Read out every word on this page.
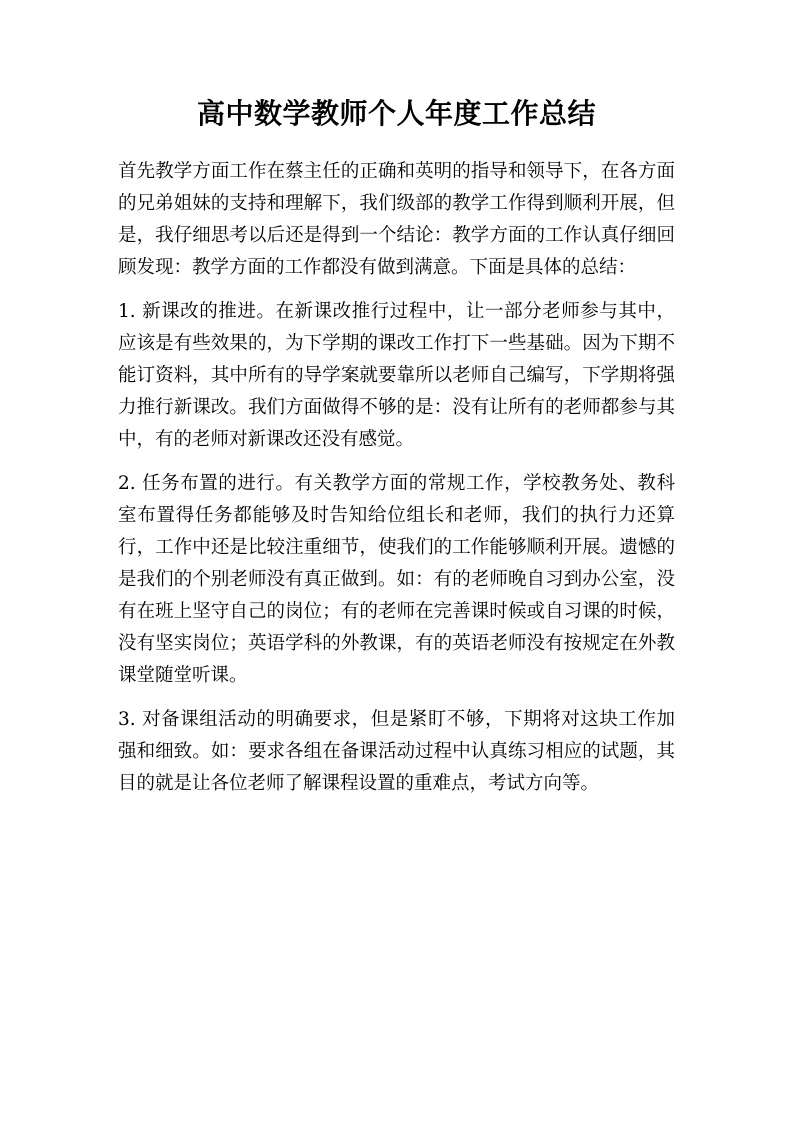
高中数学教师个人年度工作总结

首先教学方面工作在蔡主任的正确和英明的指导和领导下，在各方面的兄弟姐妹的支持和理解下，我们级部的教学工作得到顺利开展，但是，我仔细思考以后还是得到一个结论：教学方面的工作认真仔细回顾发现：教学方面的工作都没有做到满意。下面是具体的总结：

1. 新课改的推进。在新课改推行过程中，让一部分老师参与其中，应该是有些效果的，为下学期的课改工作打下一些基础。因为下期不能订资料，其中所有的导学案就要靠所以老师自己编写，下学期将强力推行新课改。我们方面做得不够的是：没有让所有的老师都参与其中，有的老师对新课改还没有感觉。

2. 任务布置的进行。有关教学方面的常规工作，学校教务处、教科室布置得任务都能够及时告知给位组长和老师，我们的执行力还算行，工作中还是比较注重细节，使我们的工作能够顺利开展。遗憾的是我们的个别老师没有真正做到。如：有的老师晚自习到办公室，没有在班上坚守自己的岗位；有的老师在完善课时候或自习课的时候，没有坚实岗位；英语学科的外教课，有的英语老师没有按规定在外教课堂随堂听课。

3. 对备课组活动的明确要求，但是紧盯不够，下期将对这块工作加强和细致。如：要求各组在备课活动过程中认真练习相应的试题，其目的就是让各位老师了解课程设置的重难点，考试方向等。
